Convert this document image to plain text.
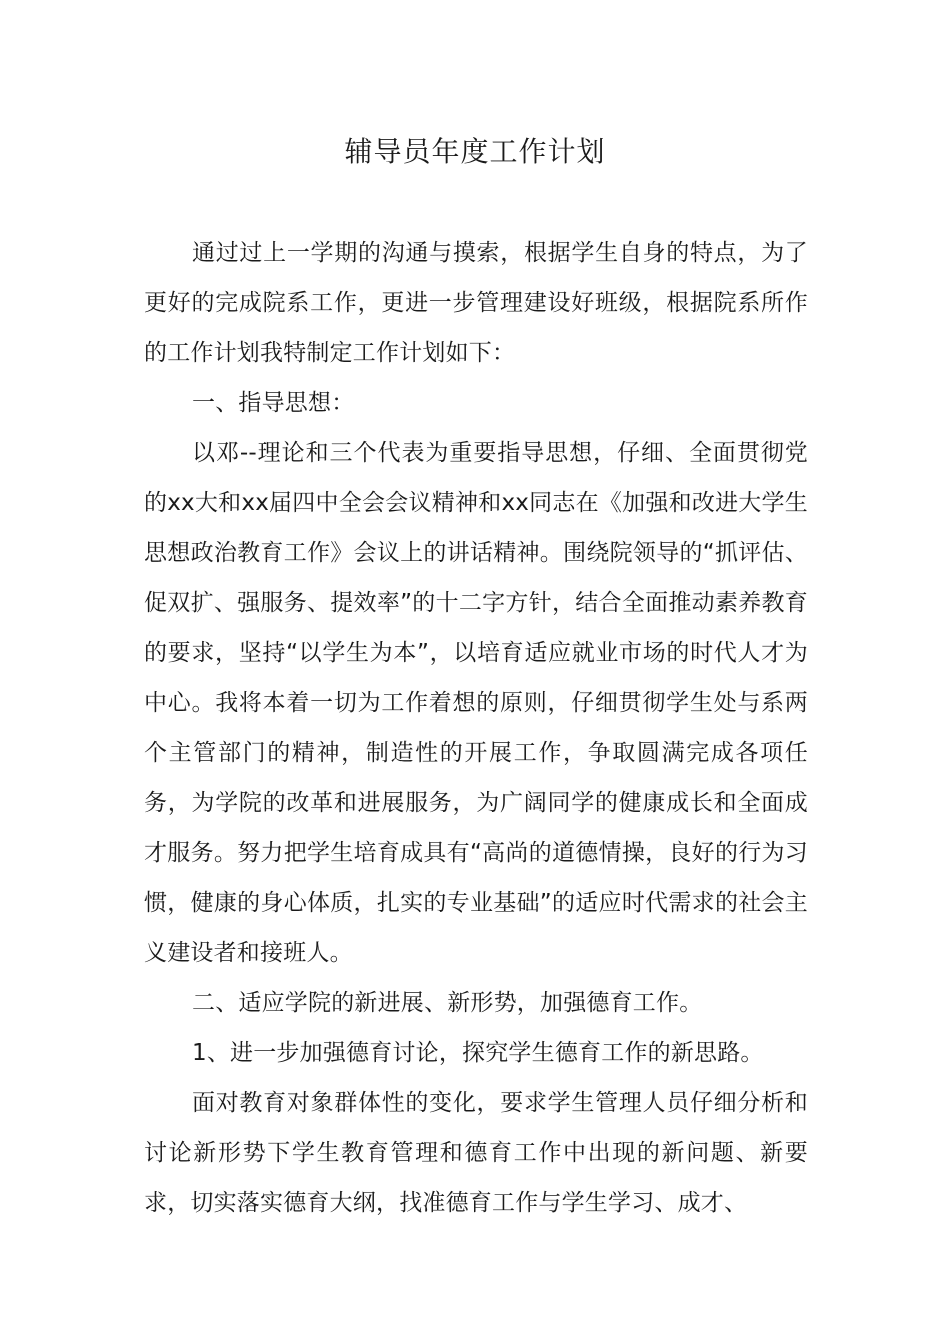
辅导员年度工作计划

通过过上一学期的沟通与摸索，根据学生自身的特点，为了更好的完成院系工作，更进一步管理建设好班级，根据院系所作的工作计划我特制定工作计划如下：

一、指导思想：

以邓--理论和三个代表为重要指导思想，仔细、全面贯彻党的xx大和xx届四中全会会议精神和xx同志在《加强和改进大学生思想政治教育工作》会议上的讲话精神。围绕院领导的“抓评估、促双扩、强服务、提效率”的十二字方针，结合全面推动素养教育的要求，坚持“以学生为本”，以培育适应就业市场的时代人才为中心。我将本着一切为工作着想的原则，仔细贯彻学生处与系两个主管部门的精神，制造性的开展工作，争取圆满完成各项任务，为学院的改革和进展服务，为广阔同学的健康成长和全面成才服务。努力把学生培育成具有“高尚的道德情操，良好的行为习惯，健康的身心体质，扎实的专业基础”的适应时代需求的社会主义建设者和接班人。

二、适应学院的新进展、新形势，加强德育工作。

1、进一步加强德育讨论，探究学生德育工作的新思路。

面对教育对象群体性的变化，要求学生管理人员仔细分析和讨论新形势下学生教育管理和德育工作中出现的新问题、新要求，切实落实德育大纲，找准德育工作与学生学习、成才、
